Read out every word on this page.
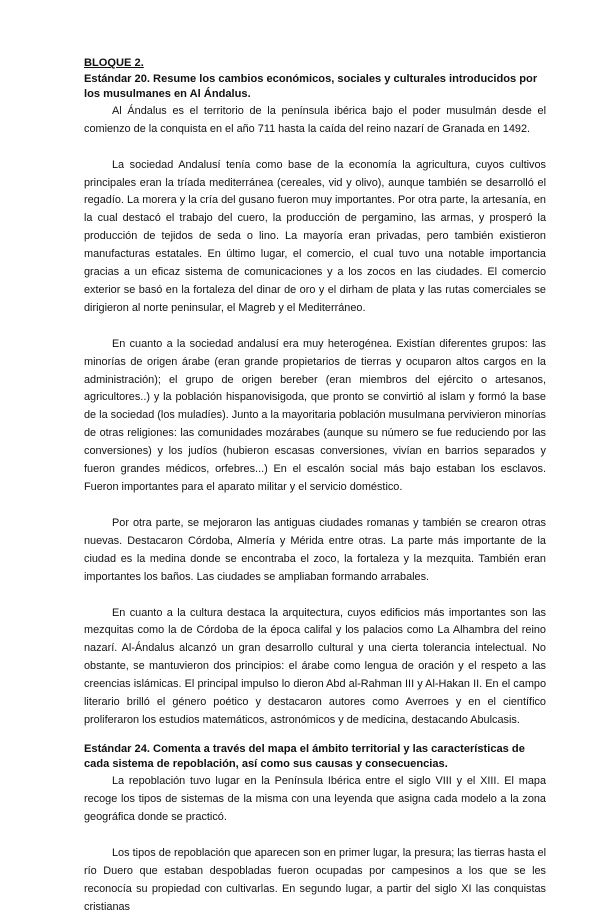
BLOQUE 2.
Estándar 20. Resume los cambios económicos, sociales y culturales introducidos por los musulmanes en Al Ándalus.

Al Ándalus es el territorio de la península ibérica bajo el poder musulmán desde el comienzo de la conquista en el año 711 hasta la caída del reino nazarí de Granada en 1492.

La sociedad Andalusí tenía como base de la economía la agricultura, cuyos cultivos principales eran la tríada mediterránea (cereales, vid y olivo), aunque también se desarrolló el regadío. La morera y la cría del gusano fueron muy importantes. Por otra parte, la artesanía, en la cual destacó el trabajo del cuero, la producción de pergamino, las armas, y prosperó la producción de tejidos de seda o lino. La mayoría eran privadas, pero también existieron manufacturas estatales. En último lugar, el comercio, el cual tuvo una notable importancia gracias a un eficaz sistema de comunicaciones y a los zocos en las ciudades. El comercio exterior se basó en la fortaleza del dinar de oro y el dirham de plata y las rutas comerciales se dirigieron al norte peninsular, el Magreb y el Mediterráneo.

En cuanto a la sociedad andalusí era muy heterogénea. Existían diferentes grupos: las minorías de origen árabe (eran grande propietarios de tierras y ocuparon altos cargos en la administración); el grupo de origen bereber (eran miembros del ejército o artesanos, agricultores..) y la población hispanovisigoda, que pronto se convirtió al islam y formó la base de la sociedad (los muladíes). Junto a la mayoritaria población musulmana pervivieron minorías de otras religiones: las comunidades mozárabes (aunque su número se fue reduciendo por las conversiones) y los judíos (hubieron escasas conversiones, vivían en barrios separados y fueron grandes médicos, orfebres...) En el escalón social más bajo estaban los esclavos. Fueron importantes para el aparato militar y el servicio doméstico.

Por otra parte, se mejoraron las antiguas ciudades romanas y también se crearon otras nuevas. Destacaron Córdoba, Almería y Mérida entre otras. La parte más importante de la ciudad es la medina donde se encontraba el zoco, la fortaleza y la mezquita. También eran importantes los baños. Las ciudades se ampliaban formando arrabales.

En cuanto a la cultura destaca la arquitectura, cuyos edificios más importantes son las mezquitas como la de Córdoba de la época califal y los palacios como La Alhambra del reino nazarí. Al-Ándalus alcanzó un gran desarrollo cultural y una cierta tolerancia intelectual. No obstante, se mantuvieron dos principios: el árabe como lengua de oración y el respeto a las creencias islámicas. El principal impulso lo dieron Abd al-Rahman III y Al-Hakan II. En el campo literario brilló el género poético y destacaron autores como Averroes y en el científico proliferaron los estudios matemáticos, astronómicos y de medicina, destacando Abulcasis.

Estándar 24. Comenta a través del mapa el ámbito territorial y las características de cada sistema de repoblación, así como sus causas y consecuencias.

La repoblación tuvo lugar en la Península Ibérica entre el siglo VIII y el XIII. El mapa recoge los tipos de sistemas de la misma con una leyenda que asigna cada modelo a la zona geográfica donde se practicó.

Los tipos de repoblación que aparecen son en primer lugar, la presura; las tierras hasta el río Duero que estaban despobladas fueron ocupadas por campesinos a los que se les reconocía su propiedad con cultivarlas. En segundo lugar, a partir del siglo XI las conquistas cristianas
